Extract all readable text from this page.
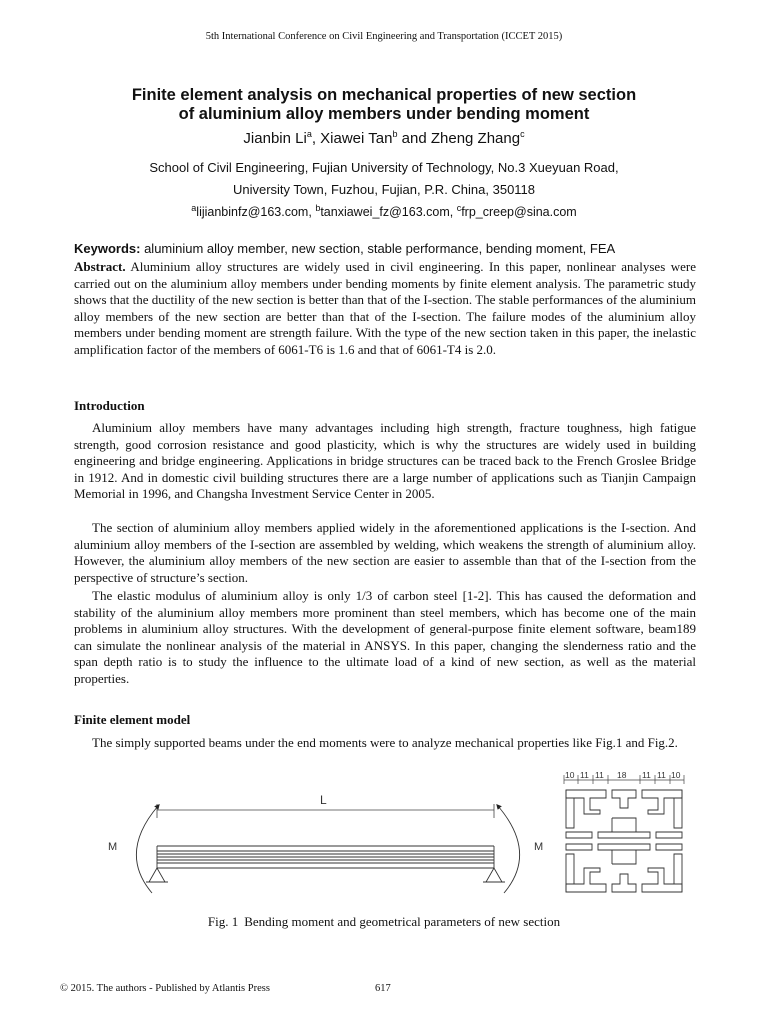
5th International Conference on Civil Engineering and Transportation (ICCET 2015)
Finite element analysis on mechanical properties of new section
of aluminium alloy members under bending moment
Jianbin Li$^a$, Xiawei Tan$^b$ and Zheng Zhang$^c$
School of Civil Engineering, Fujian University of Technology, No.3 Xueyuan Road,
University Town, Fuzhou, Fujian, P.R. China, 350118
$^a$lijianbinfz@163.com, $^b$tanxiawei_fz@163.com, $^c$frp_creep@sina.com
Keywords: aluminium alloy member, new section, stable performance, bending moment, FEA

Abstract. Aluminium alloy structures are widely used in civil engineering. In this paper, nonlinear analyses were carried out on the aluminium alloy members under bending moments by finite element analysis. The parametric study shows that the ductility of the new section is better than that of the I-section. The stable performances of the aluminium alloy members of the new section are better than that of the I-section. The failure modes of the aluminium alloy members under bending moment are strength failure. With the type of the new section taken in this paper, the inelastic amplification factor of the members of 6061-T6 is 1.6 and that of 6061-T4 is 2.0.

Introduction

Aluminium alloy members have many advantages including high strength, fracture toughness, high fatigue strength, good corrosion resistance and good plasticity, which is why the structures are widely used in building engineering and bridge engineering. Applications in bridge structures can be traced back to the French Groslee Bridge in 1912. And in domestic civil building structures there are a large number of applications such as Tianjin Campaign Memorial in 1996, and Changsha Investment Service Center in 2005.

The section of aluminium alloy members applied widely in the aforementioned applications is the I-section. And aluminium alloy members of the I-section are assembled by welding, which weakens the strength of aluminium alloy. However, the aluminium alloy members of the new section are easier to assemble than that of the I-section from the perspective of structure’s section.

The elastic modulus of aluminium alloy is only 1/3 of carbon steel [1-2]. This has caused the deformation and stability of the aluminium alloy members more prominent than steel members, which has become one of the main problems in aluminium alloy structures. With the development of general-purpose finite element software, beam189 can simulate the nonlinear analysis of the material in ANSYS. In this paper, changing the slenderness ratio and the span depth ratio is to study the influence to the ultimate load of a kind of new section, as well as the material properties.

Finite element model

The simply supported beams under the end moments were to analyze mechanical properties like Fig.1 and Fig.2.

L
M	M
10 11 11 18 11 11 10
Fig. 1 Bending moment and geometrical parameters of new section
© 2015. The authors - Published by Atlantis Press	617
